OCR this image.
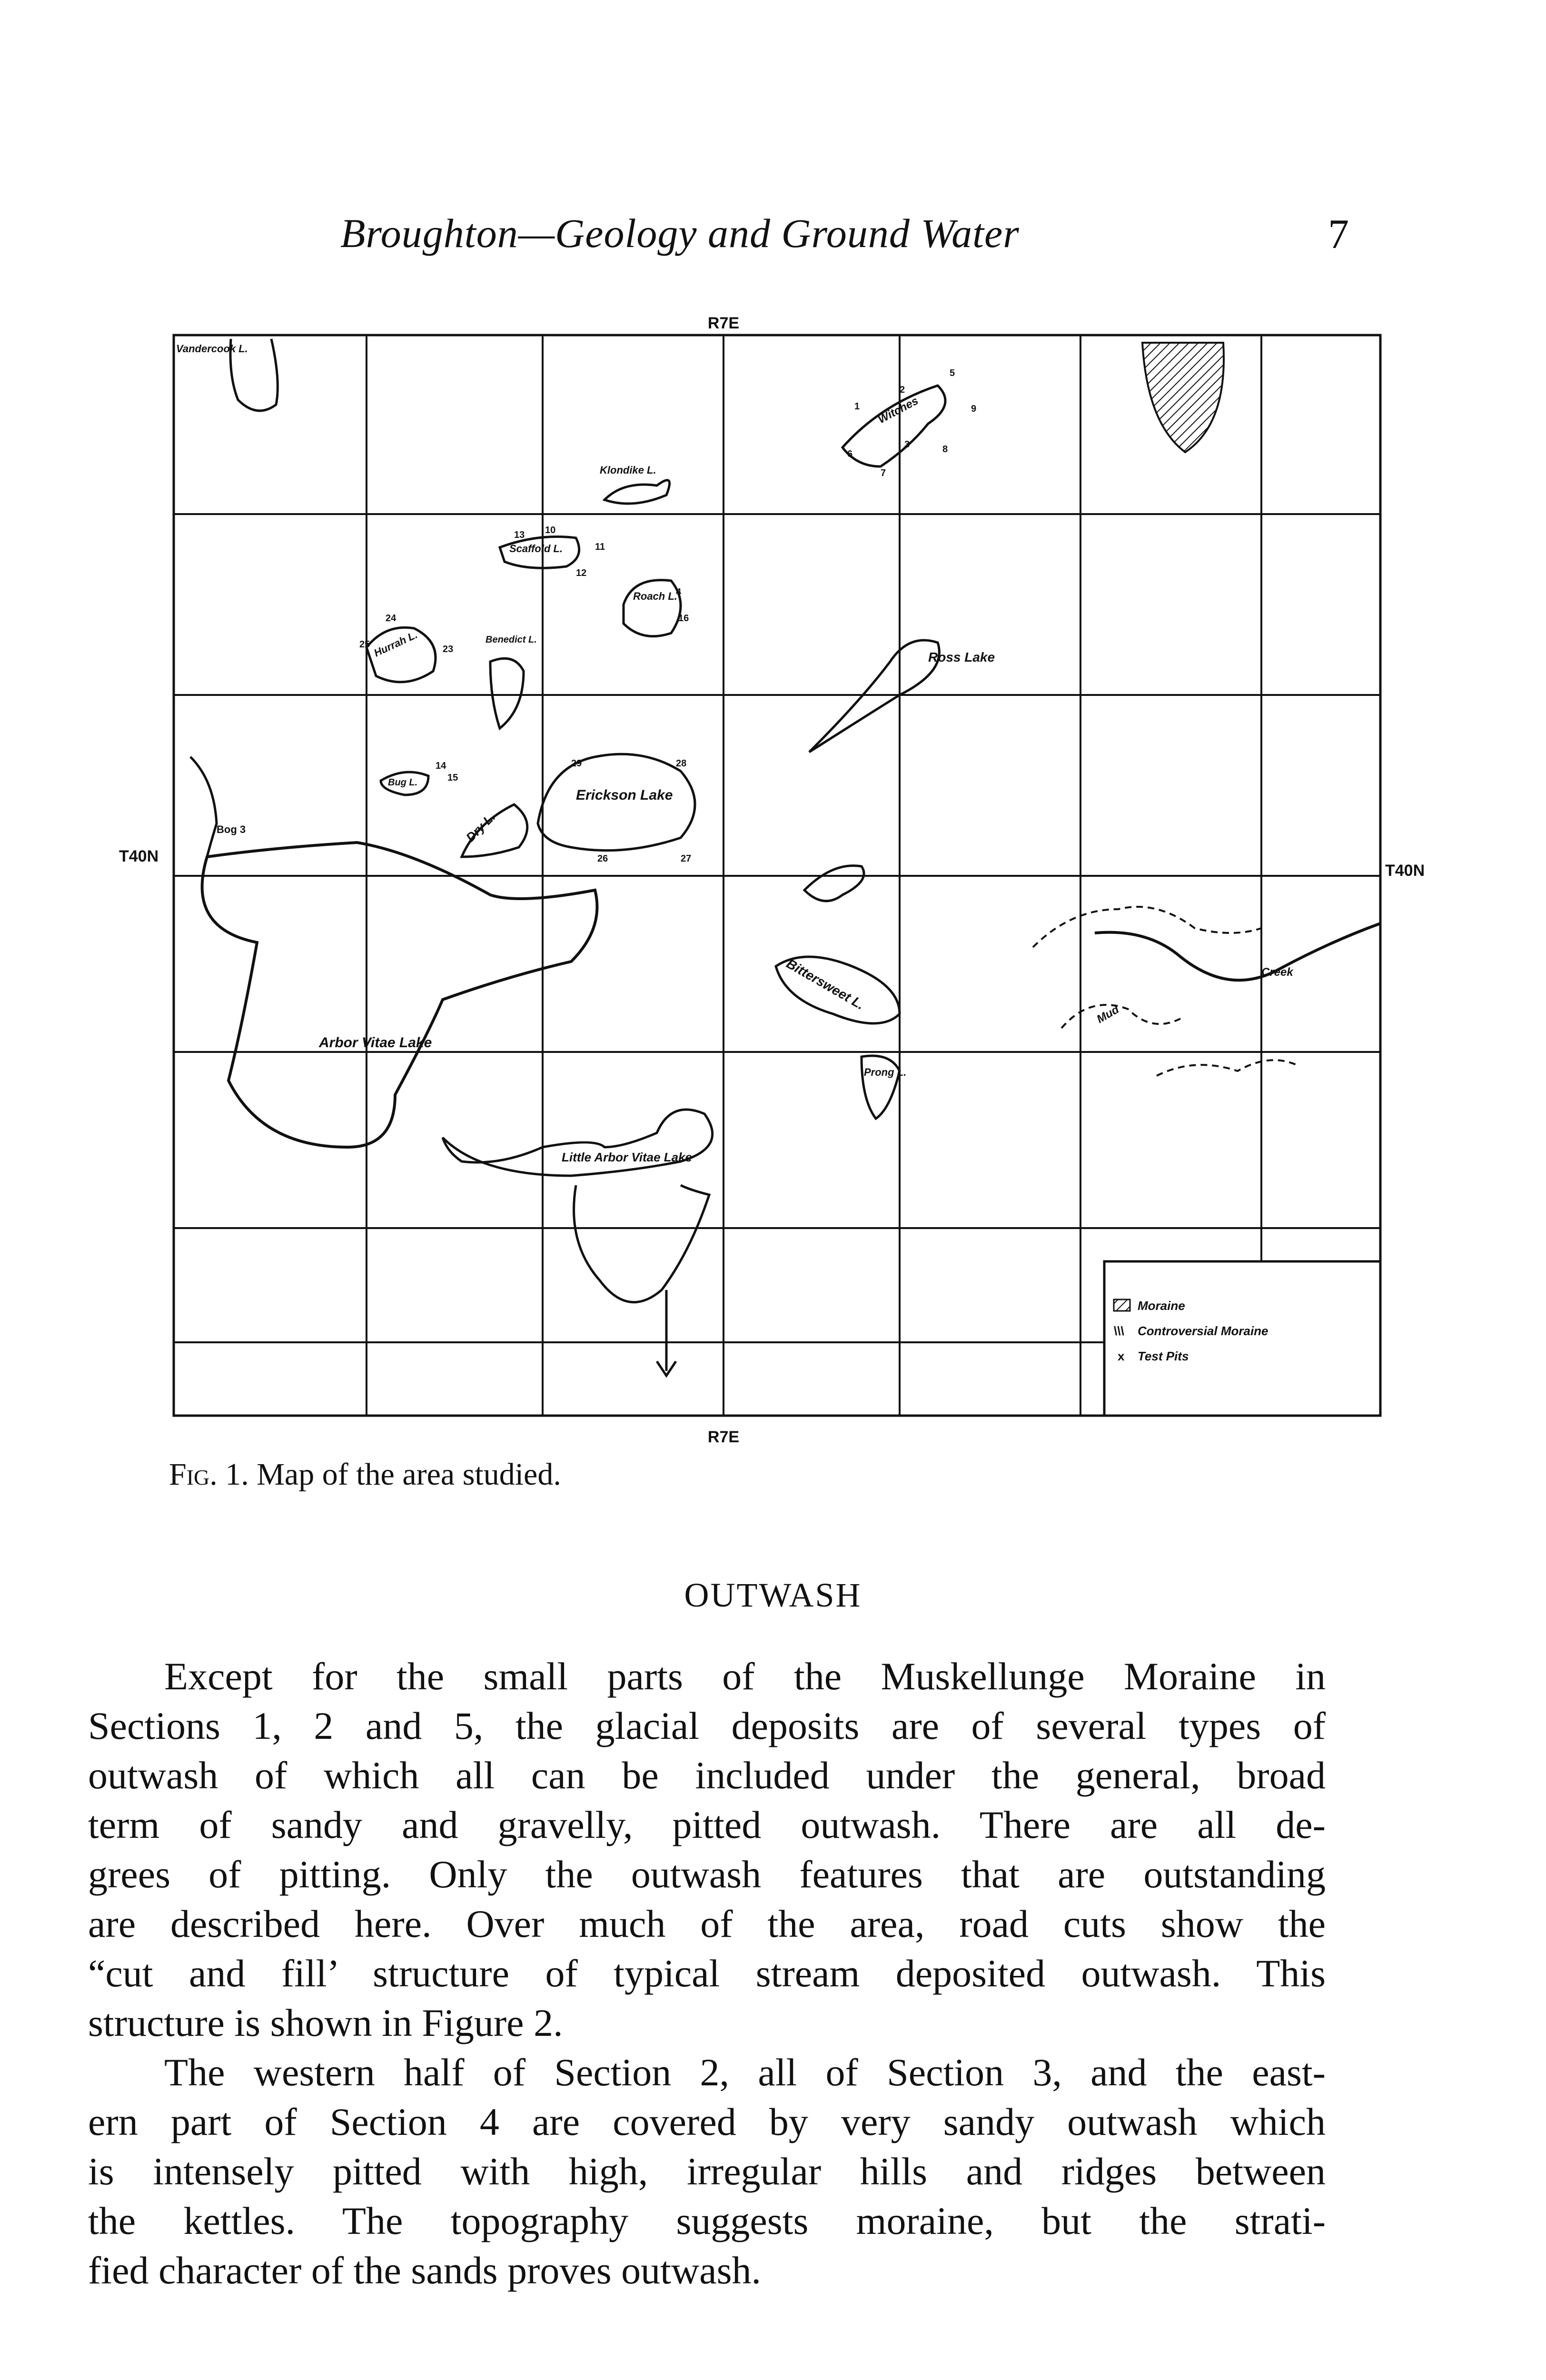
Broughton—Geology and Ground Water	7
R7E
R7E
T40N
T40N
Vandercook L.
Klondike L.
Witches
Scaffold L.
Roach L.
Hurrah L.	Benedict L.
Ross Lake
Bug L.
Dry L.
Erickson Lake
Bog 3
Arbor Vitae Lake
Bittersweet L.
Prong L.
Little Arbor Vitae Lake
Creek
Mud
1
2
3
5
6
7
8
9
10
11
12
13
14
15
16
23
24
25
26	27
28
29
4
Moraine
\\\ Controversial Moraine
x Test Pits
Fig. 1. Map of the area studied.
OUTWASH

Except for the small parts of the Muskellunge Moraine in
Sections 1, 2 and 5, the glacial deposits are of several types of
outwash of which all can be included under the general, broad
term of sandy and gravelly, pitted outwash. There are all de-
grees of pitting. Only the outwash features that are outstanding
are described here. Over much of the area, road cuts show the
“cut and fill’ structure of typical stream deposited outwash. This
structure is shown in Figure 2.

The western half of Section 2, all of Section 3, and the east-
ern part of Section 4 are covered by very sandy outwash which
is intensely pitted with high, irregular hills and ridges between
the kettles. The topography suggests moraine, but the strati-
fied character of the sands proves outwash.
